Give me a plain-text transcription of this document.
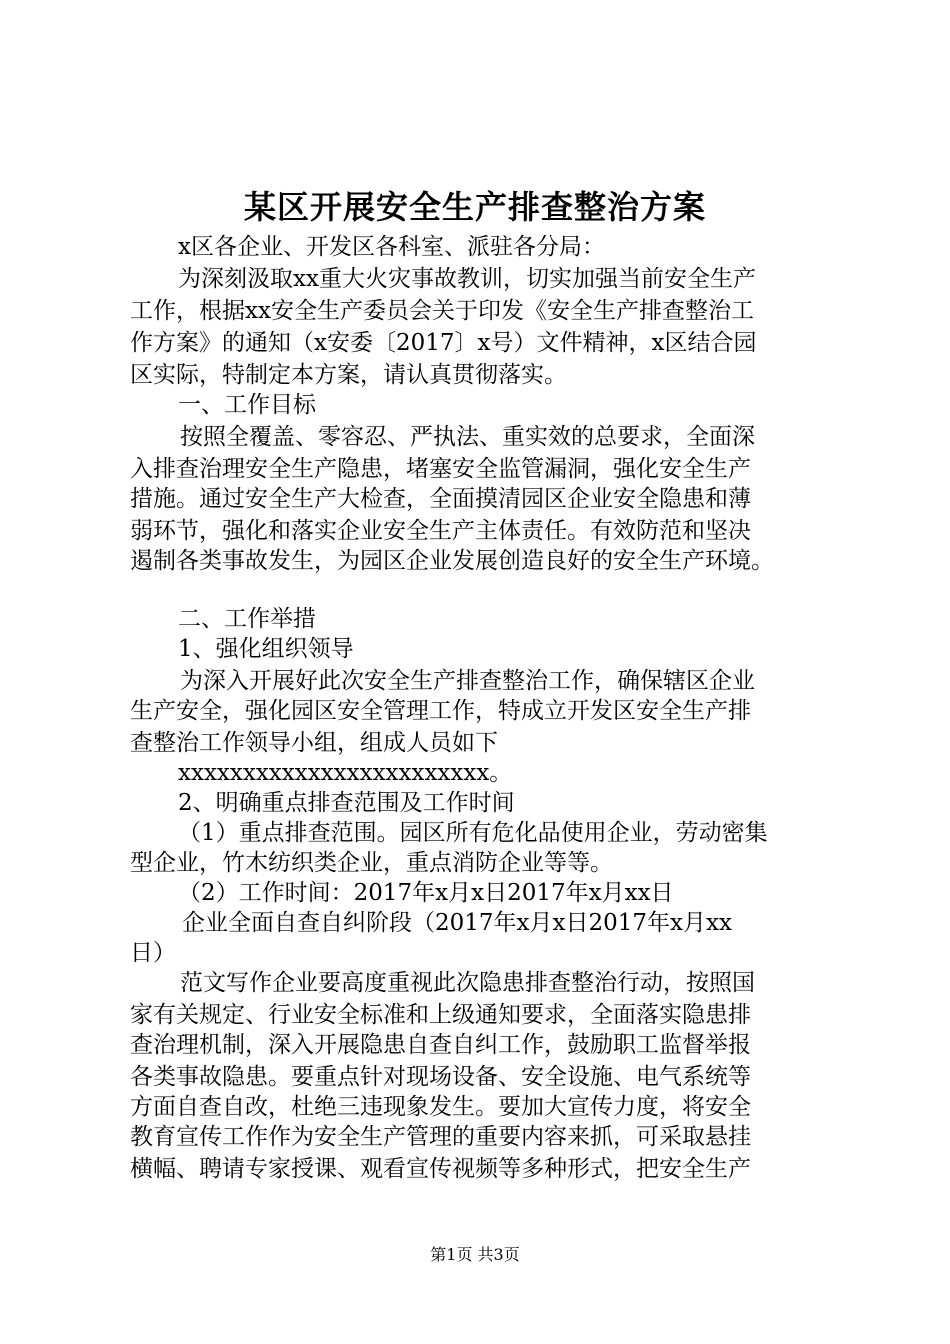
某区开展安全生产排查整治方案
x区各企业、开发区各科室、派驻各分局：
为深刻汲取xx重大火灾事故教训，切实加强当前安全生产
工作，根据xx安全生产委员会关于印发《安全生产排查整治工
作方案》的通知（x安委〔2017〕x号）文件精神，x区结合园
区实际，特制定本方案，请认真贯彻落实。
一、工作目标
按照全覆盖、零容忍、严执法、重实效的总要求，全面深
入排查治理安全生产隐患，堵塞安全监管漏洞，强化安全生产
措施。通过安全生产大检查，全面摸清园区企业安全隐患和薄
弱环节，强化和落实企业安全生产主体责任。有效防范和坚决
遏制各类事故发生，为园区企业发展创造良好的安全生产环境。
二、工作举措
1、强化组织领导
为深入开展好此次安全生产排查整治工作，确保辖区企业
生产安全，强化园区安全管理工作，特成立开发区安全生产排
查整治工作领导小组，组成人员如下
xxxxxxxxxxxxxxxxxxxxxxxx。
2、明确重点排查范围及工作时间
（1）重点排查范围。园区所有危化品使用企业，劳动密集
型企业，竹木纺织类企业，重点消防企业等等。
（2）工作时间：2017年x月x日2017年x月xx日
企业全面自查自纠阶段（2017年x月x日2017年x月xx
日）
范文写作企业要高度重视此次隐患排查整治行动，按照国
家有关规定、行业安全标准和上级通知要求，全面落实隐患排
查治理机制，深入开展隐患自查自纠工作，鼓励职工监督举报
各类事故隐患。要重点针对现场设备、安全设施、电气系统等
方面自查自改，杜绝三违现象发生。要加大宣传力度，将安全
教育宣传工作作为安全生产管理的重要内容来抓，可采取悬挂
横幅、聘请专家授课、观看宣传视频等多种形式，把安全生产
第1页 共3页
